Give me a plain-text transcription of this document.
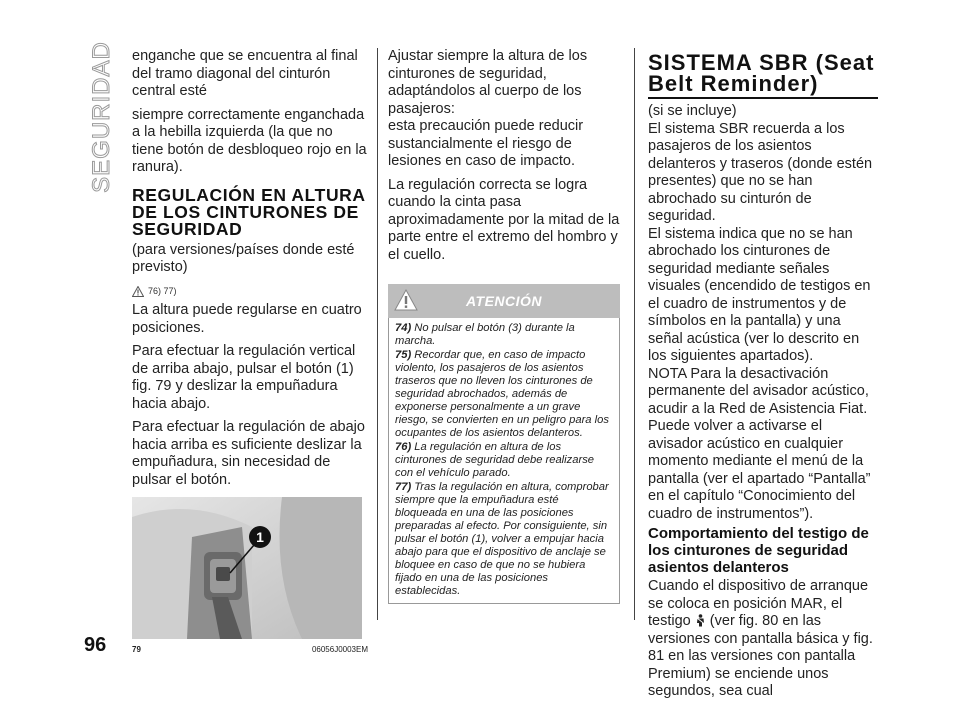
SEGURIDAD enganche que se encuentra al final del tramo diagonal del cinturón central esté

siempre correctamente enganchada a la hebilla izquierda (la que no tiene botón de desbloqueo rojo en la ranura).

REGULACIÓN EN ALTURA DE LOS CINTURONES DE SEGURIDAD

(para versiones/países donde esté previsto)

76) 77)

La altura puede regularse en cuatro posiciones.

Para efectuar la regulación vertical de arriba abajo, pulsar el botón (1) fig. 79 y deslizar la empuñadura hacia abajo.

Para efectuar la regulación de abajo hacia arriba es suficiente deslizar la empuñadura, sin necesidad de pulsar el botón.

1
79	06056J0003EM

Ajustar siempre la altura de los cinturones de seguridad, adaptándolos al cuerpo de los pasajeros:

esta precaución puede reducir sustancialmente el riesgo de lesiones en caso de impacto.

La regulación correcta se logra cuando la cinta pasa aproximadamente por la mitad de la parte entre el extremo del hombro y el cuello.

ATENCIÓN
74) No pulsar el botón (3) durante la marcha.
75) Recordar que, en caso de impacto violento, los pasajeros de los asientos traseros que no lleven los cinturones de seguridad abrochados, además de exponerse personalmente a un grave riesgo, se convierten en un peligro para los ocupantes de los asientos delanteros.
76) La regulación en altura de los cinturones de seguridad debe realizarse con el vehículo parado.
77) Tras la regulación en altura, comprobar siempre que la empuñadura esté bloqueada en una de las posiciones preparadas al efecto. Por consiguiente, sin pulsar el botón (1), volver a empujar hacia abajo para que el dispositivo de anclaje se bloquee en caso de que no se hubiera fijado en una de las posiciones establecidas.
SISTEMA SBR (Seat Belt Reminder)

(si se incluye)

El sistema SBR recuerda a los pasajeros de los asientos delanteros y traseros (donde estén presentes) que no se han abrochado su cinturón de seguridad.

El sistema indica que no se han abrochado los cinturones de seguridad mediante señales visuales (encendido de testigos en el cuadro de instrumentos y de símbolos en la pantalla) y una señal acústica (ver lo descrito en los siguientes apartados).

NOTA Para la desactivación permanente del avisador acústico, acudir a la Red de Asistencia Fiat. Puede volver a activarse el avisador acústico en cualquier momento mediante el menú de la pantalla (ver el apartado “Pantalla” en el capítulo “Conocimiento del cuadro de instrumentos”).

Comportamiento del testigo de los cinturones de seguridad asientos delanteros

Cuando el dispositivo de arranque se coloca en posición MAR, el testigo (ver fig. 80 en las versiones con pantalla básica y fig. 81 en las versiones con pantalla Premium) se enciende unos segundos, sea cual

96
